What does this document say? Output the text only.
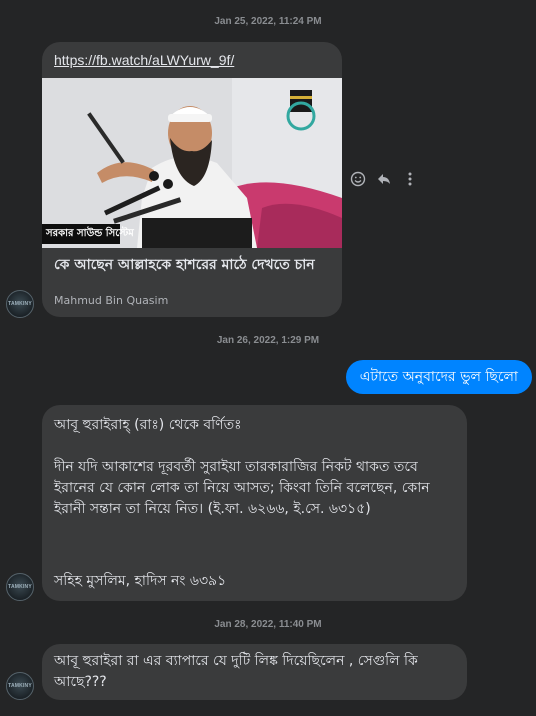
Jan 25, 2022, 11:24 PM
https://fb.watch/aLWYurw_9f/
সরকার সাউন্ড সিস্টেম
কে আছেন আল্লাহকে হাশরের মাঠে দেখতে চান
Mahmud Bin Quasim
TAMKINY
Jan 26, 2022, 1:29 PM
এটাতে অনুবাদের ভুল ছিলো
আবূ হুরাইরাহ্ (রাঃ) থেকে বর্ণিতঃ
দীন যদি আকাশের দূরবর্তী সুরাইয়া তারকারাজির নিকট থাকত তবে ইরানের যে কোন লোক তা নিয়ে আসত; কিংবা তিনি বলেছেন, কোন ইরানী সন্তান তা নিয়ে নিত। (ই.ফা. ৬২৬৬, ই.সে. ৬৩১৫)
সহিহ মুসলিম, হাদিস নং ৬৩৯১
TAMKINY
Jan 28, 2022, 11:40 PM
আবূ হুরাইরা রা এর ব্যাপারে যে দুটি লিঙ্ক দিয়েছিলেন , সেগুলি কি আছে???
TAMKINY
